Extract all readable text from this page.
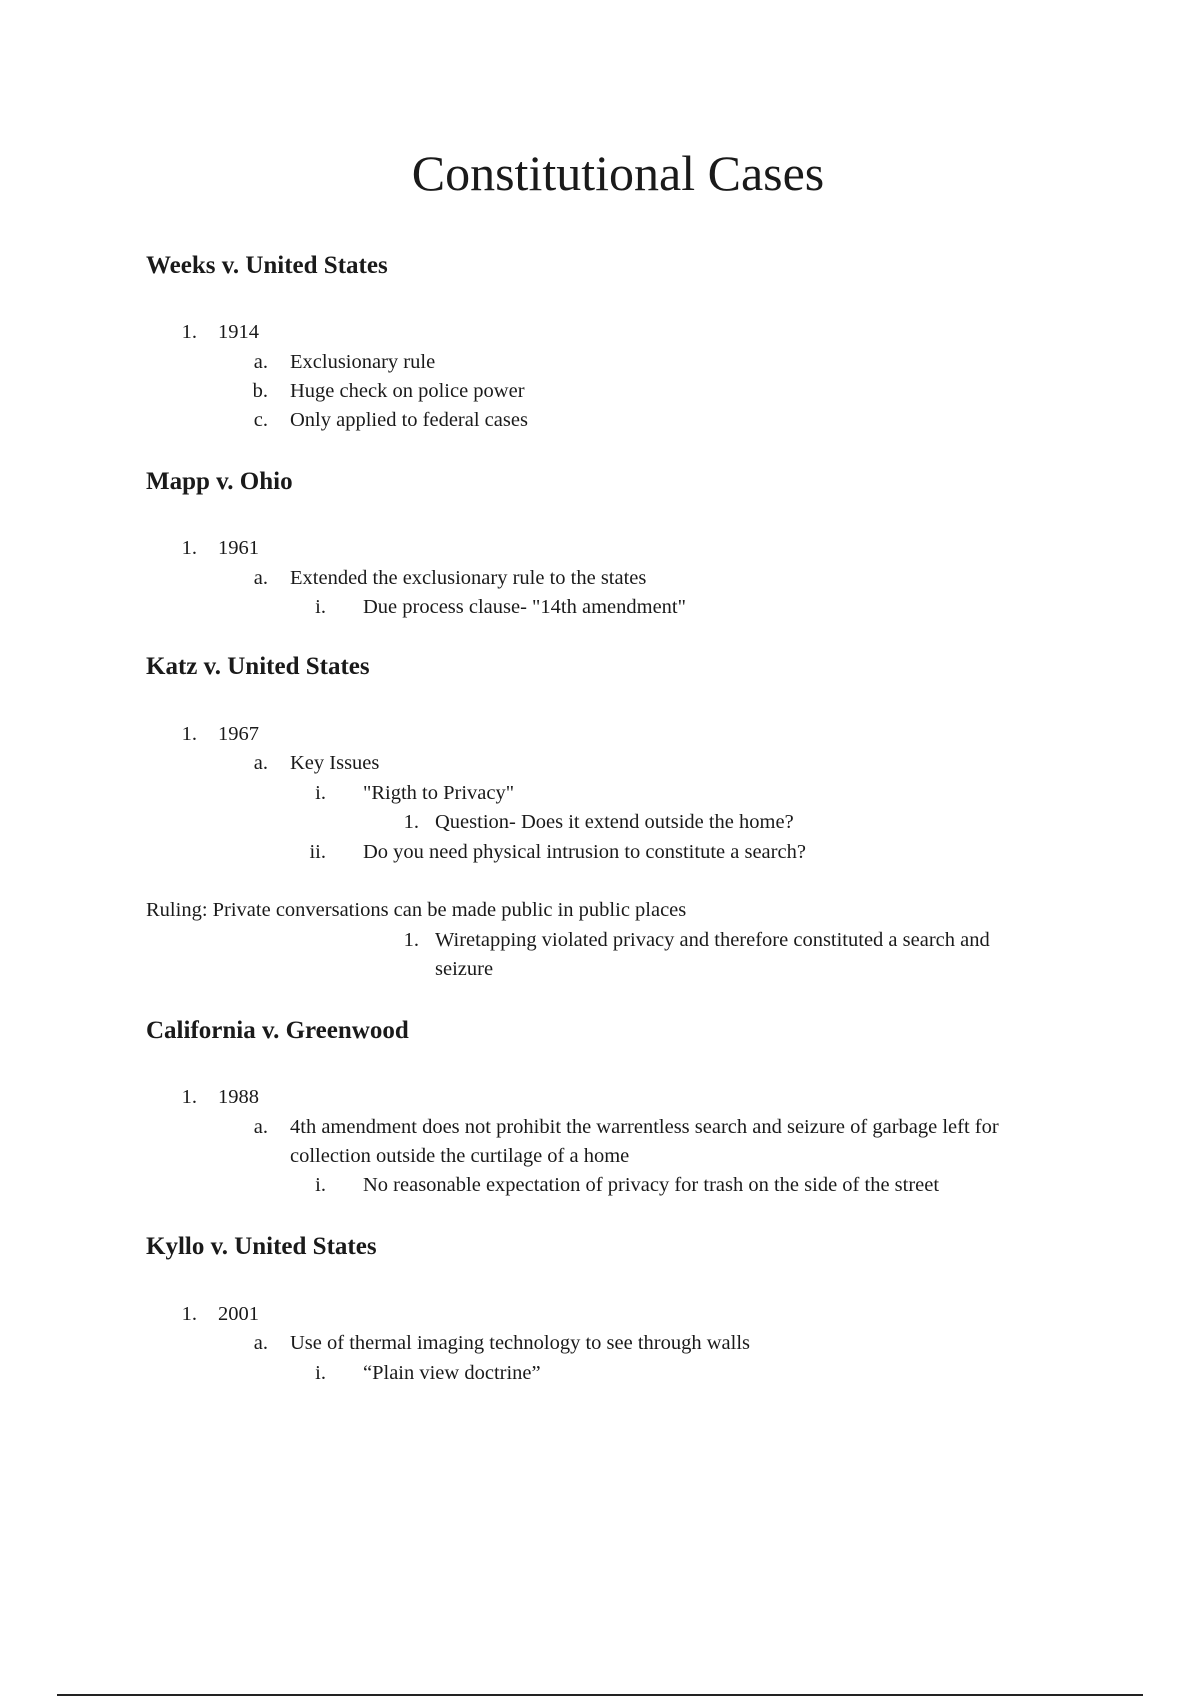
Constitutional Cases
Weeks v. United States
1. 1914
a. Exclusionary rule
b. Huge check on police power
c. Only applied to federal cases
Mapp v. Ohio
1. 1961
a. Extended the exclusionary rule to the states
i. Due process clause- "14th amendment"
Katz v. United States
1. 1967
a. Key Issues
i. "Rigth to Privacy"
1. Question- Does it extend outside the home?
ii. Do you need physical intrusion to constitute a search?
Ruling: Private conversations can be made public in public places
1. Wiretapping violated privacy and therefore constituted a search and
seizure
California v. Greenwood
1. 1988
a. 4th amendment does not prohibit the warrentless search and seizure of garbage left for
collection outside the curtilage of a home
i. No reasonable expectation of privacy for trash on the side of the street
Kyllo v. United States
1. 2001
a. Use of thermal imaging technology to see through walls
i. “Plain view doctrine”
